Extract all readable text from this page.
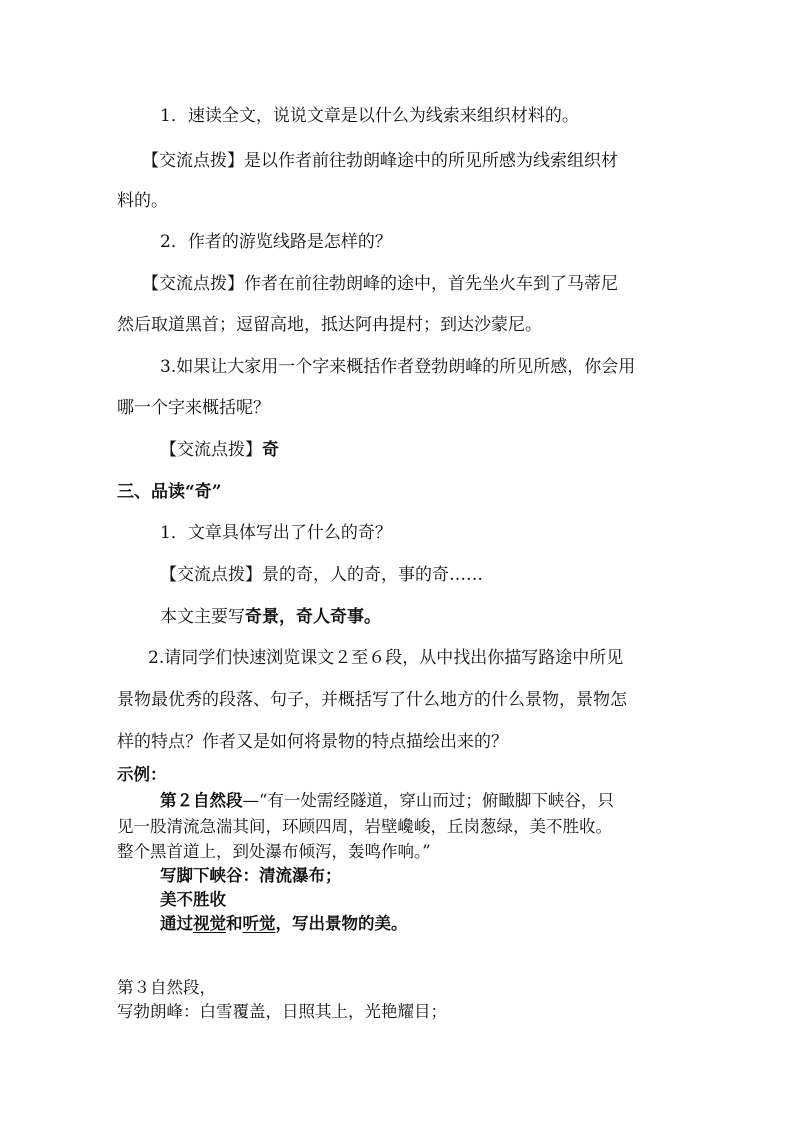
1．速读全文，说说文章是以什么为线索来组织材料的。
【交流点拨】是以作者前往勃朗峰途中的所见所感为线索组织材
料的。
2．作者的游览线路是怎样的？
【交流点拨】作者在前往勃朗峰的途中，首先坐火车到了马蒂尼
然后取道黑首；逗留高地，抵达阿冉提村；到达沙蒙尼。
3.如果让大家用一个字来概括作者登勃朗峰的所见所感，你会用
哪一个字来概括呢？
【交流点拨】奇
三、品读“奇”
1．文章具体写出了什么的奇？
【交流点拨】景的奇，人的奇，事的奇……
本文主要写奇景，奇人奇事。
2.请同学们快速浏览课文２至６段，从中找出你描写路途中所见
景物最优秀的段落、句子，并概括写了什么地方的什么景物，景物怎
样的特点？作者又是如何将景物的特点描绘出来的？
示例：
第２自然段—“有一处需经隧道，穿山而过；俯瞰脚下峡谷，只
见一股清流急湍其间，环顾四周，岩壁巉峻，丘岗葱绿，美不胜收。
整个黑首道上，到处瀑布倾泻，轰鸣作响。”
写脚下峡谷：清流瀑布；
美不胜收
通过视觉和听觉，写出景物的美。
第３自然段，
写勃朗峰：白雪覆盖，日照其上，光艳耀目；
